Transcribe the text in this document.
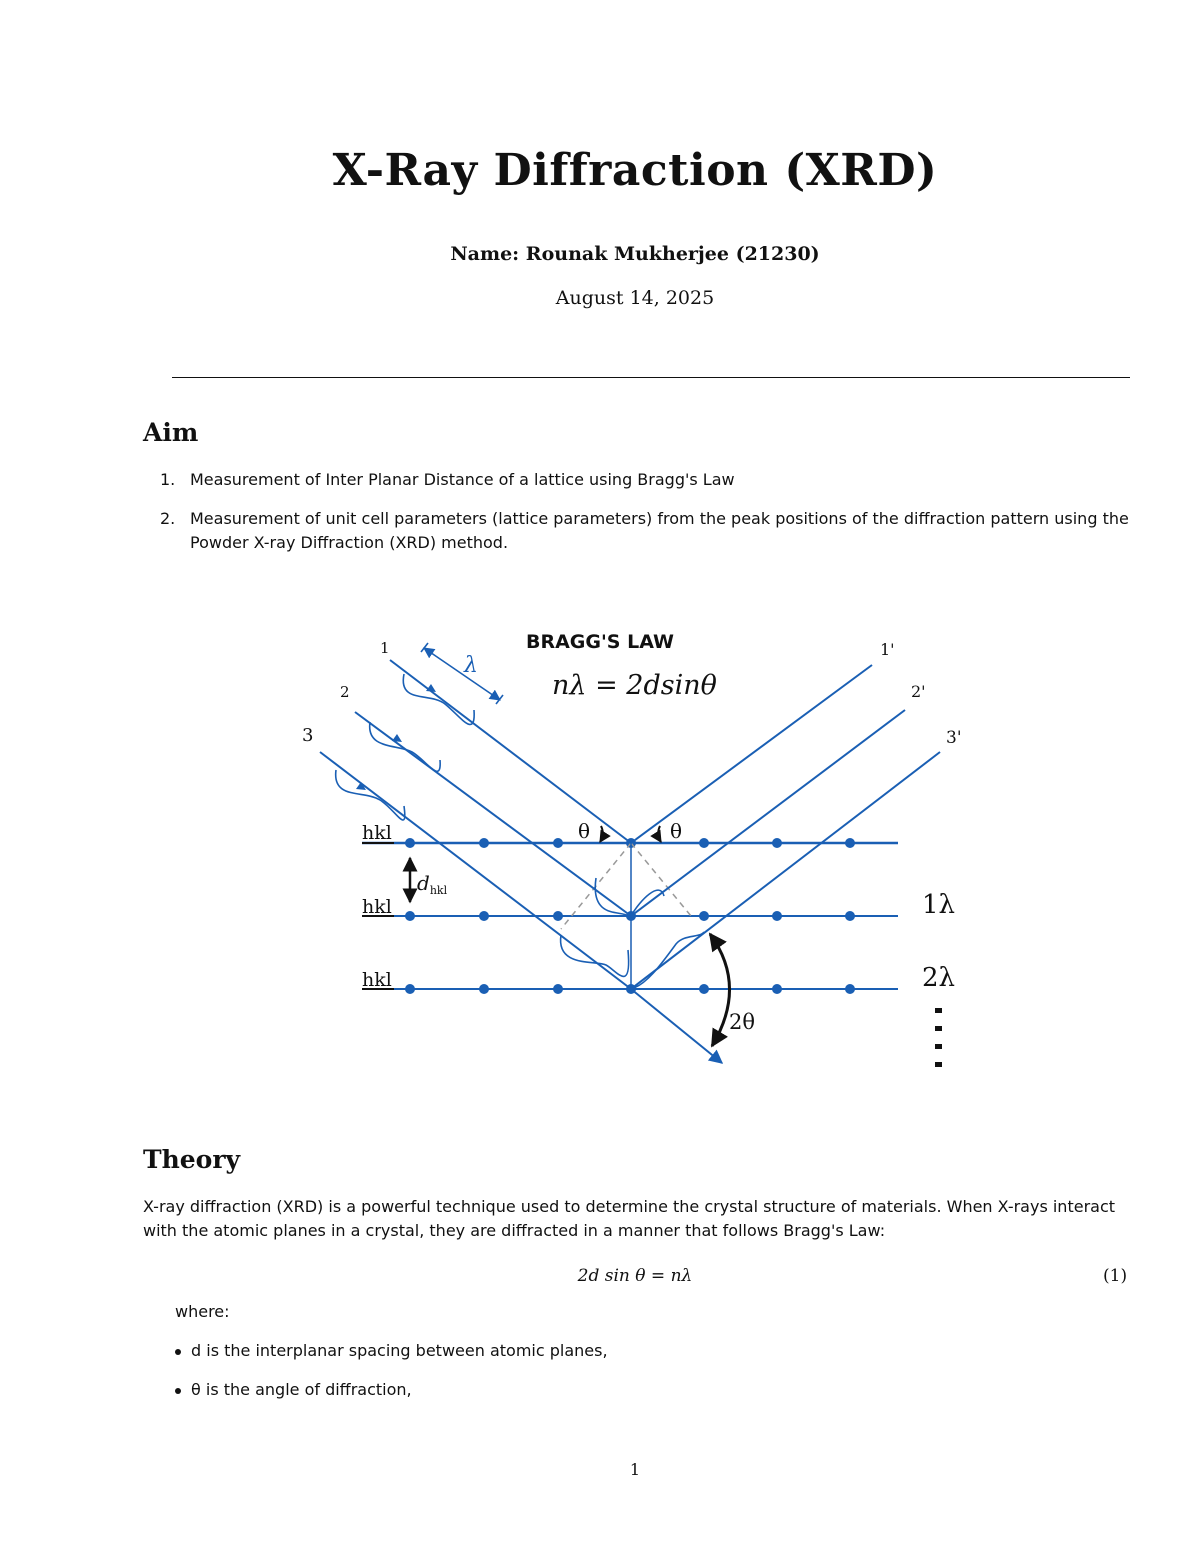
X-Ray Diffraction (XRD)
Name: Rounak Mukherjee (21230)
August 14, 2025
Aim
1. Measurement of Inter Planar Distance of a lattice using Bragg's Law
2. Measurement of unit cell parameters (lattice parameters) from the peak positions of the diffraction pattern using the Powder X-ray Diffraction (XRD) method.
λ
BRAGG'S LAW
nλ = 2dsinθ
1
2
3
1'
2'
3'
hkl
hkl
hkl
$d_{hkl}$
θ	θ
2θ
1λ
2λ
Theory
X-ray diffraction (XRD) is a powerful technique used to determine the crystal structure of materials. When X-rays interact with the atomic planes in a crystal, they are diffracted in a manner that follows Bragg's Law:
2d sin θ = nλ	(1)
where:
d is the interplanar spacing between atomic planes,
θ is the angle of diffraction,
1
